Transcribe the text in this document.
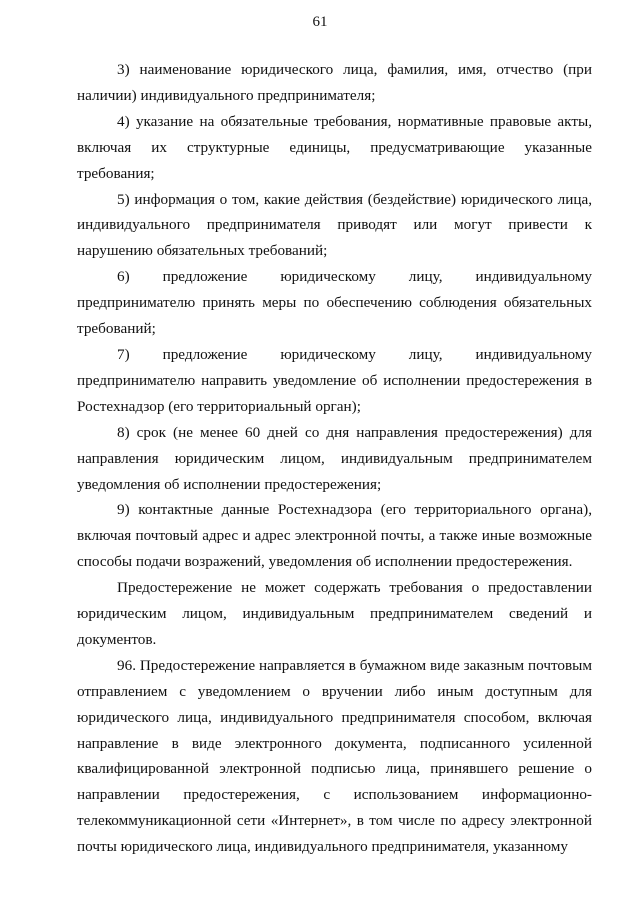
61

3) наименование юридического лица, фамилия, имя, отчество (при наличии) индивидуального предпринимателя;

4) указание на обязательные требования, нормативные правовые акты, включая их структурные единицы, предусматривающие указанные требования;

5) информация о том, какие действия (бездействие) юридического лица, индивидуального предпринимателя приводят или могут привести к нарушению обязательных требований;

6) предложение юридическому лицу, индивидуальному предпринимателю принять меры по обеспечению соблюдения обязательных требований;

7) предложение юридическому лицу, индивидуальному предпринимателю направить уведомление об исполнении предостережения в Ростехнадзор (его территориальный орган);

8) срок (не менее 60 дней со дня направления предостережения) для направления юридическим лицом, индивидуальным предпринимателем уведомления об исполнении предостережения;

9) контактные данные Ростехнадзора (его территориального органа), включая почтовый адрес и адрес электронной почты, а также иные возможные способы подачи возражений, уведомления об исполнении предостережения.

Предостережение не может содержать требования о предоставлении юридическим лицом, индивидуальным предпринимателем сведений и документов.

96. Предостережение направляется в бумажном виде заказным почтовым отправлением с уведомлением о вручении либо иным доступным для юридического лица, индивидуального предпринимателя способом, включая направление в виде электронного документа, подписанного усиленной квалифицированной электронной подписью лица, принявшего решение о направлении предостережения, с использованием информационно-телекоммуникационной сети «Интернет», в том числе по адресу электронной почты юридического лица, индивидуального предпринимателя, указанному
